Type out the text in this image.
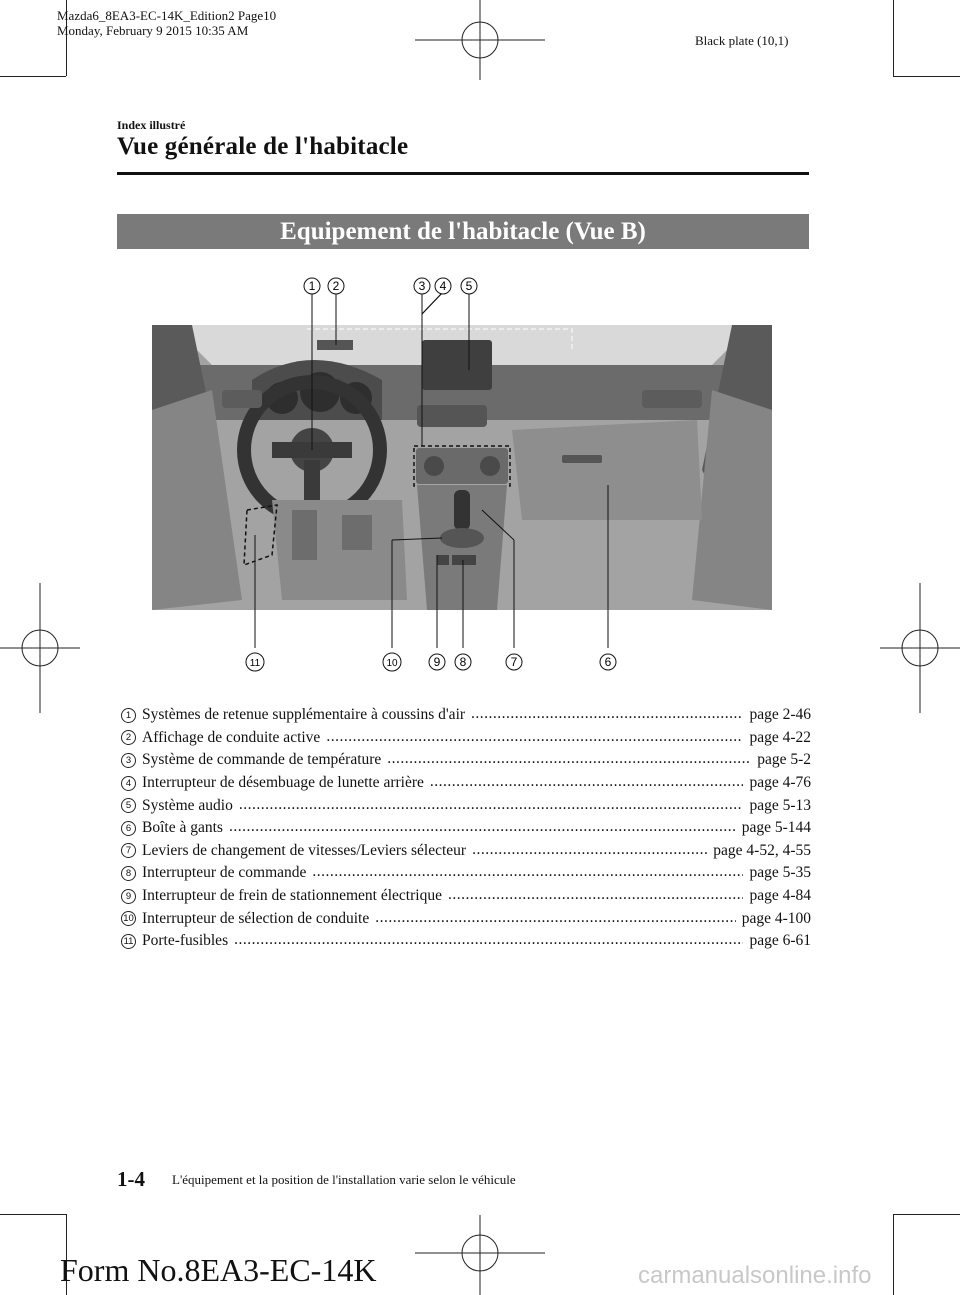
Mazda6_8EA3-EC-14K_Edition2 Page10
Monday, February 9 2015 10:35 AM
Black plate (10,1)
Index illustré
Vue générale de l'habitacle
Equipement de l'habitacle (Vue B)
1 2	3 4 5
6
7
8
9
10
11
1 Systèmes de retenue supplémentaire à coussins d'air .....	page 2-46
2 Affichage de conduite active .....	page 4-22
3 Système de commande de température .....	page 5-2
4 Interrupteur de désembuage de lunette arrière .....	page 4-76
5 Système audio .....	page 5-13
6 Boîte à gants .....	page 5-144
7 Leviers de changement de vitesses/Leviers sélecteur .....	page 4-52, 4-55
8 Interrupteur de commande .....	page 5-35
9 Interrupteur de frein de stationnement électrique .....	page 4-84
10 Interrupteur de sélection de conduite .....	page 4-100
11 Porte-fusibles .....	page 6-61
1-4 L'équipement et la position de l'installation varie selon le véhicule
Form No.8EA3-EC-14K	carmanualsonline.info
